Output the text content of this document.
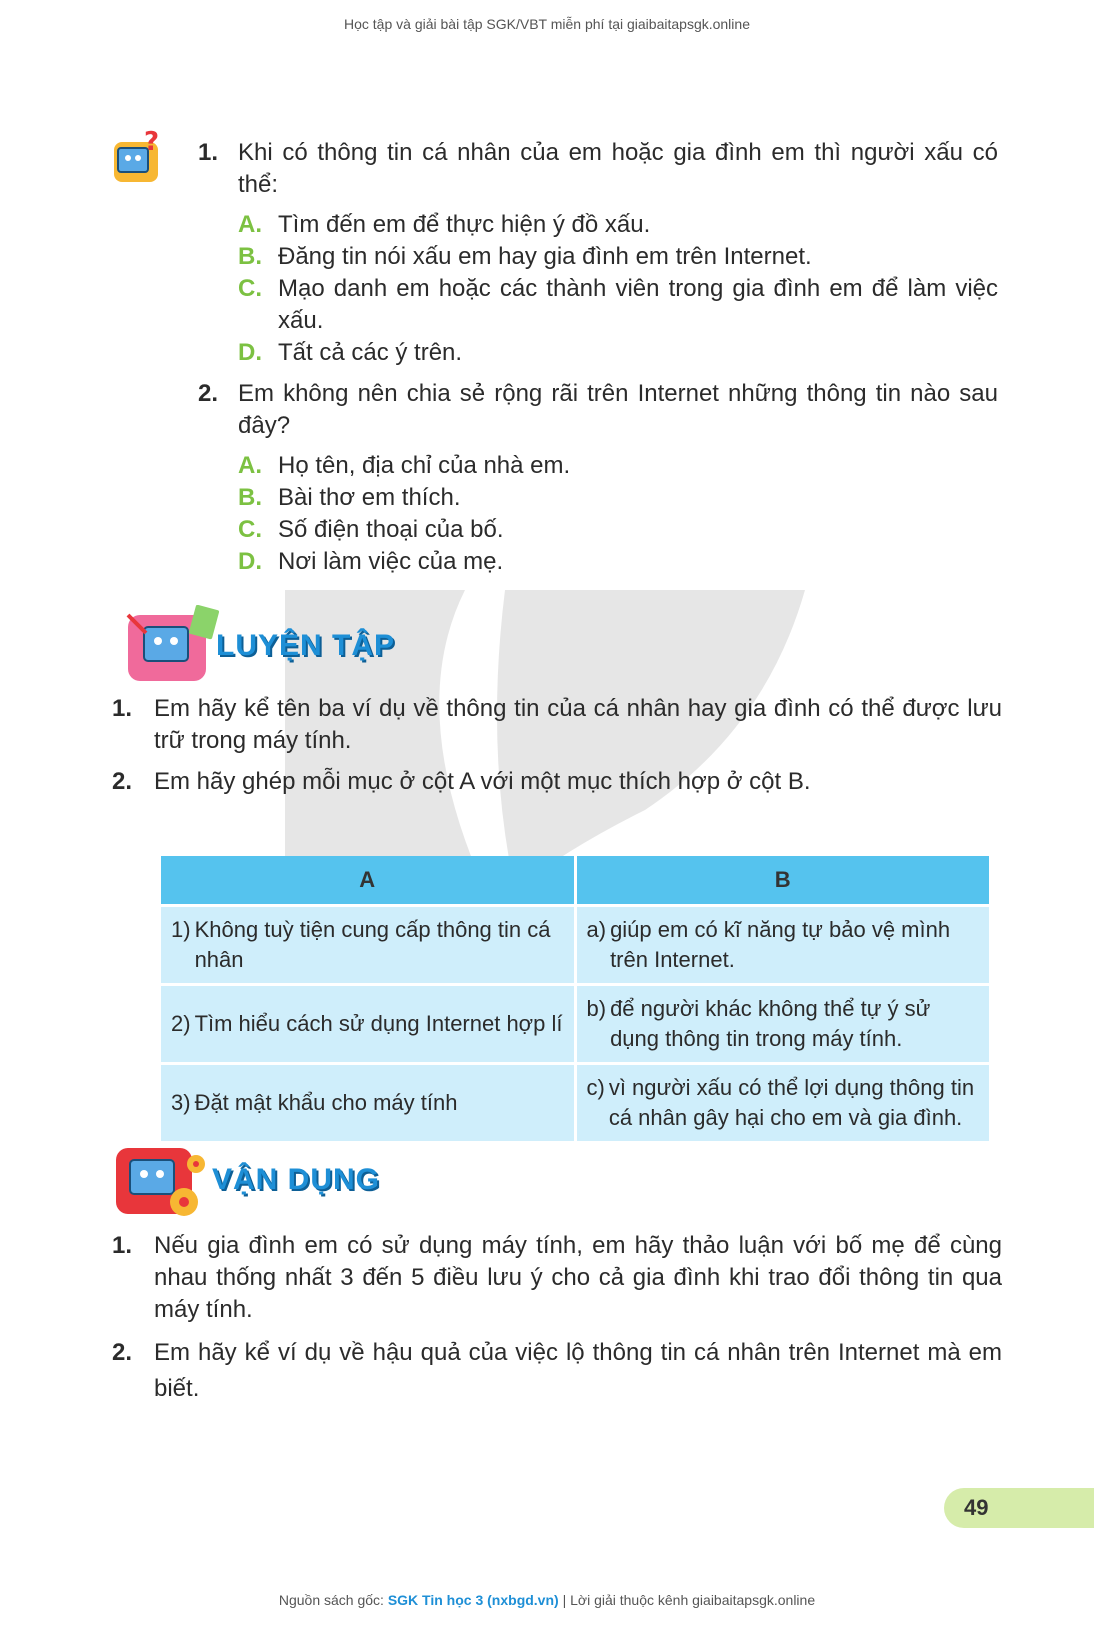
Học tập và giải bài tập SGK/VBT miễn phí tại giaibaitapsgk.online
? 1. Khi có thông tin cá nhân của em hoặc gia đình em thì người xấu có thể:
A. Tìm đến em để thực hiện ý đồ xấu.
B. Đăng tin nói xấu em hay gia đình em trên Internet.
C. Mạo danh em hoặc các thành viên trong gia đình em để làm việc xấu.
D. Tất cả các ý trên.
2. Em không nên chia sẻ rộng rãi trên Internet những thông tin nào sau đây?
A. Họ tên, địa chỉ của nhà em.
B. Bài thơ em thích.
C. Số điện thoại của bố.
D. Nơi làm việc của mẹ.
LUYỆN TẬP
1. Em hãy kể tên ba ví dụ về thông tin của cá nhân hay gia đình có thể được lưu trữ trong máy tính.
2. Em hãy ghép mỗi mục ở cột A với một mục thích hợp ở cột B.
A	B

1) Không tuỳ tiện cung cấp thông tin cá nhân	a) giúp em có kĩ năng tự bảo vệ mình trên Internet.

2) Tìm hiểu cách sử dụng Internet hợp lí	b) để người khác không thể tự ý sử dụng thông tin trong máy tính.

3) Đặt mật khẩu cho máy tính	c) vì người xấu có thể lợi dụng thông tin cá nhân gây hại cho em và gia đình.
VẬN DỤNG
1. Nếu gia đình em có sử dụng máy tính, em hãy thảo luận với bố mẹ để cùng nhau thống nhất 3 đến 5 điều lưu ý cho cả gia đình khi trao đổi thông tin qua máy tính.
2. Em hãy kể ví dụ về hậu quả của việc lộ thông tin cá nhân trên Internet mà em biết.
49
Nguồn sách gốc: SGK Tin học 3 (nxbgd.vn) | Lời giải thuộc kênh giaibaitapsgk.online
